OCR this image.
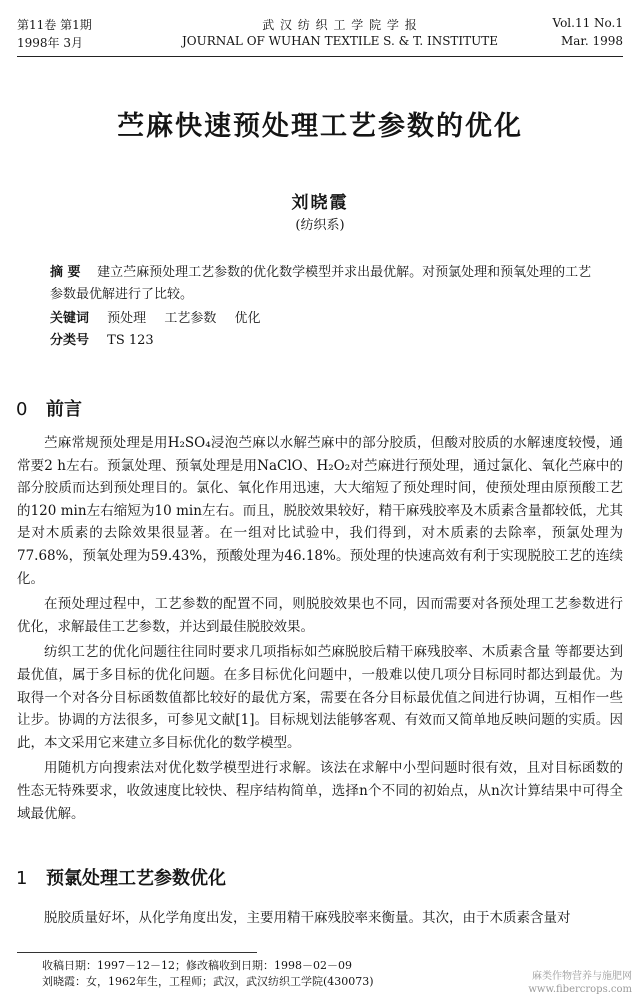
第11卷 第1期	武 汉 纺 织 工 学 院 学 报	Vol.11 No.1
1998年 3月	JOURNAL OF WUHAN TEXTILE S. & T. INSTITUTE	Mar. 1998
苎麻快速预处理工艺参数的优化
刘晓霞
(纺织系)
摘 要 建立苎麻预处理工艺参数的优化数学模型并求出最优解。对预氯处理和预氧处理的工艺参数最优解进行了比较。
关键词 预处理 工艺参数 优化
分类号 TS 123
0 前言

苎麻常规预处理是用H₂SO₄浸泡苎麻以水解苎麻中的部分胶质，但酸对胶质的水解速度较慢，通常要2 h左右。预氯处理、预氧处理是用NaClO、H₂O₂对苎麻进行预处理，通过氯化、氧化苎麻中的部分胶质而达到预处理目的。氯化、氧化作用迅速，大大缩短了预处理时间，使预处理由原预酸工艺的120 min左右缩短为10 min左右。而且，脱胶效果较好，精干麻残胶率及木质素含量都较低，尤其是对木质素的去除效果很显著。在一组对比试验中，我们得到，对木质素的去除率，预氯处理为77.68%，预氧处理为59.43%，预酸处理为46.18%。预处理的快速高效有利于实现脱胶工艺的连续化。

在预处理过程中，工艺参数的配置不同，则脱胶效果也不同，因而需要对各预处理工艺参数进行优化，求解最佳工艺参数，并达到最佳脱胶效果。

纺织工艺的优化问题往往同时要求几项指标如苎麻脱胶后精干麻残胶率、木质素含量 等都要达到最优值，属于多目标的优化问题。在多目标优化问题中，一般难以使几项分目标同时都达到最优。为取得一个对各分目标函数值都比较好的最优方案，需要在各分目标最优值之间进行协调，互相作一些让步。协调的方法很多，可参见文献[1]。目标规划法能够客观、有效而又简单地反映问题的实质。因此，本文采用它来建立多目标优化的数学模型。

用随机方向搜索法对优化数学模型进行求解。该法在求解中小型问题时很有效，且对目标函数的性态无特殊要求，收敛速度比较快、程序结构简单，选择n个不同的初始点，从n次计算结果中可得全域最优解。

1 预氯处理工艺参数优化

脱胶质量好坏，从化学角度出发，主要用精干麻残胶率来衡量。其次，由于木质素含量对

收稿日期：1997－12－12；修改稿收到日期：1998－02－09
刘晓霞：女，1962年生，工程师；武汉，武汉纺织工学院(430073)	麻类作物营养与施肥网
www.fibercrops.com
